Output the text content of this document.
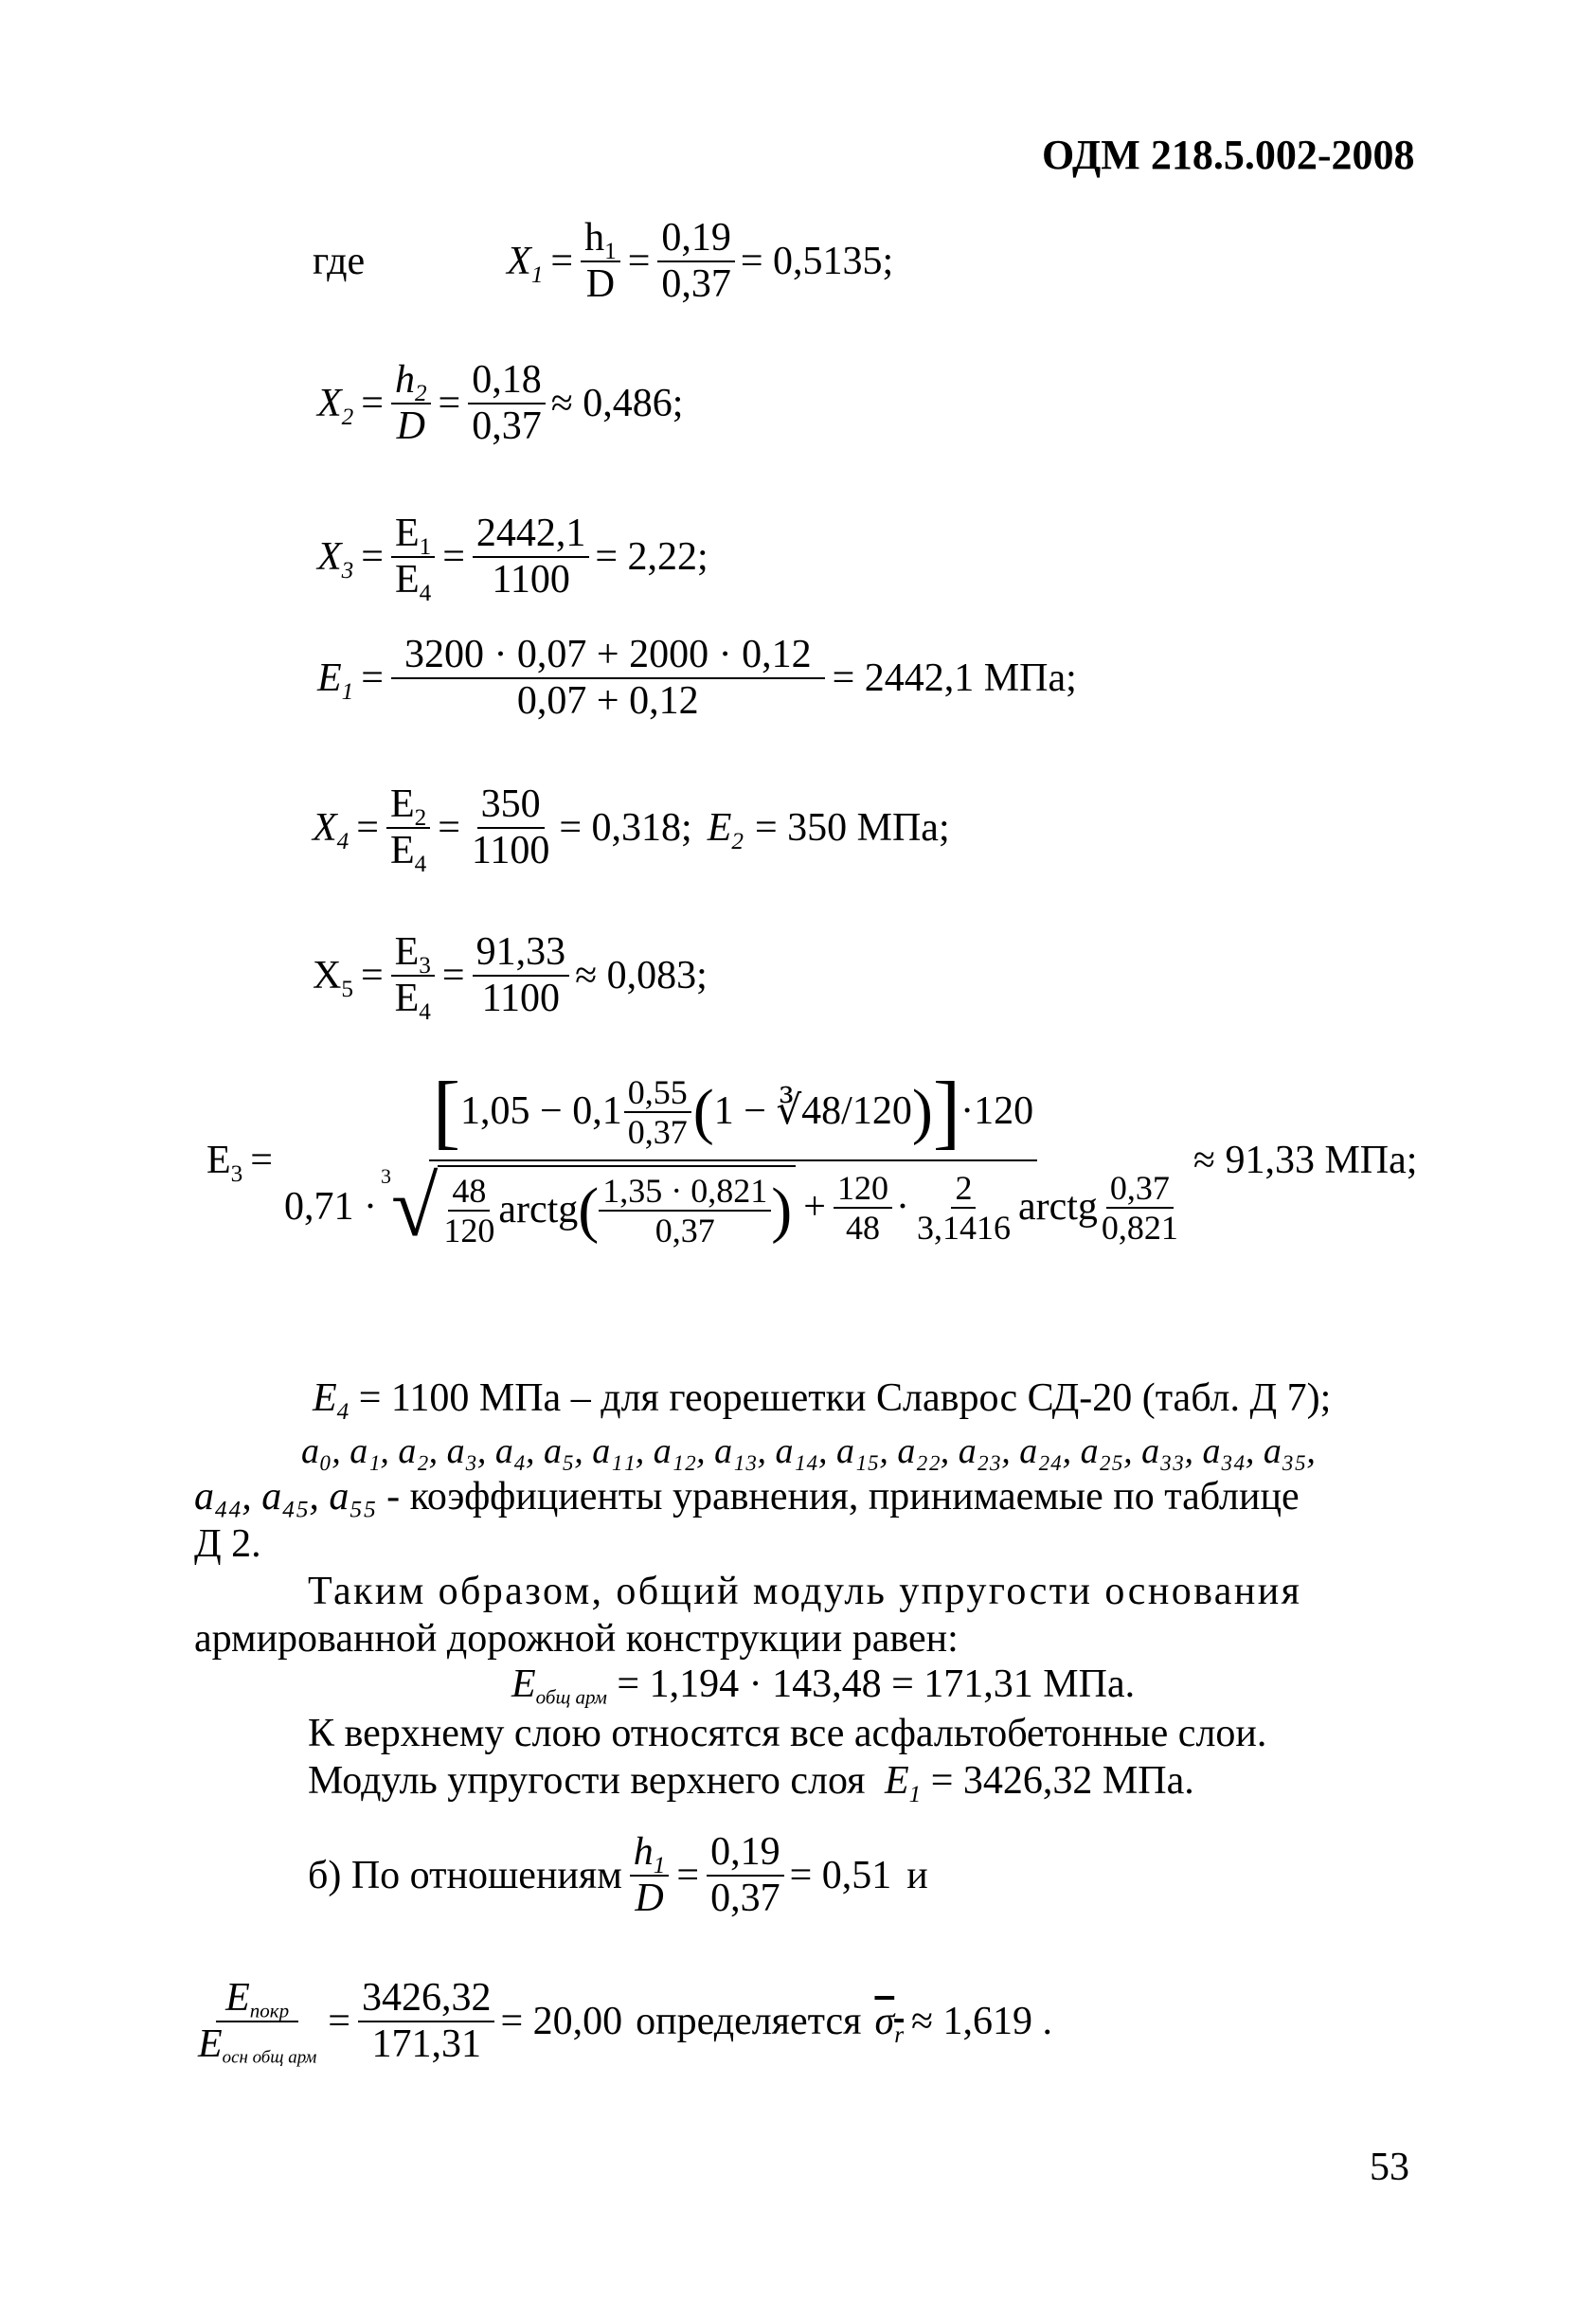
ОДМ 218.5.002-2008
где	$X_1 = \frac{h_1}{D} = \frac{0,19}{0,37} = 0,5135$;
$X_2 = \frac{h_2}{D} = \frac{0,18}{0,37} \approx 0,486$;
$X_3 = \frac{E_1}{E_4} = \frac{2442,1}{1100} = 2,22$;
$E_1 = \frac{3200 \cdot 0,07 + 2000 \cdot 0,12}{0,07 + 0,12} = 2442,1$ МПа;
$X_4 = \frac{E_2}{E_4} = \frac{350}{1100} = 0,318$; $E_2 = 350$ МПа;
$X_5 = \frac{E_3}{E_4} = \frac{91,33}{1100} \approx 0,083$;
$E_3$ =
[ $1,05 - 0,1 \frac{0,55}{0,37}$ ( 1 − ∛48/120 ) ] ·120
0,71 ·
3 √ $\frac{48}{120}$ arctg ( $\frac{1,35 \cdot 0,821}{0,37}$ ) + $\frac{120}{48} \cdot \frac{2}{3,1416}$ arctg $\frac{0,37}{0,821}$
≈ 91,33 МПа;
$E_4 = 1100$ МПа – для георешетки Славрос СД-20 (табл. Д 7);
a₀, a₁, a₂, a₃, a₄, a₅, a₁₁, a₁₂, a₁₃, a₁₄, a₁₅, a₂₂, a₂₃, a₂₄, a₂₅, a₃₃, a₃₄, a₃₅,
a₄₄, a₄₅, a₅₅ - коэффициенты уравнения, принимаемые по таблице
Д 2.
Таким образом, общий модуль упругости основания
армированной дорожной конструкции равен:
$E_{общ арм} = 1,194 \cdot 143,48 = 171,31$ МПа.
К верхнему слою относятся все асфальтобетонные слои.
Модуль упругости верхнего слоя $E_1 = 3426,32$ МПа.
б) По отношениям $\frac{h_1}{D} = \frac{0,19}{0,37} = 0,51$ и
$\frac{E_{покр}}{E_{осн общ арм}} = \frac{3426,32}{171,31} = 20,00$ определяется $\sigma_r \approx 1,619$ .
53
